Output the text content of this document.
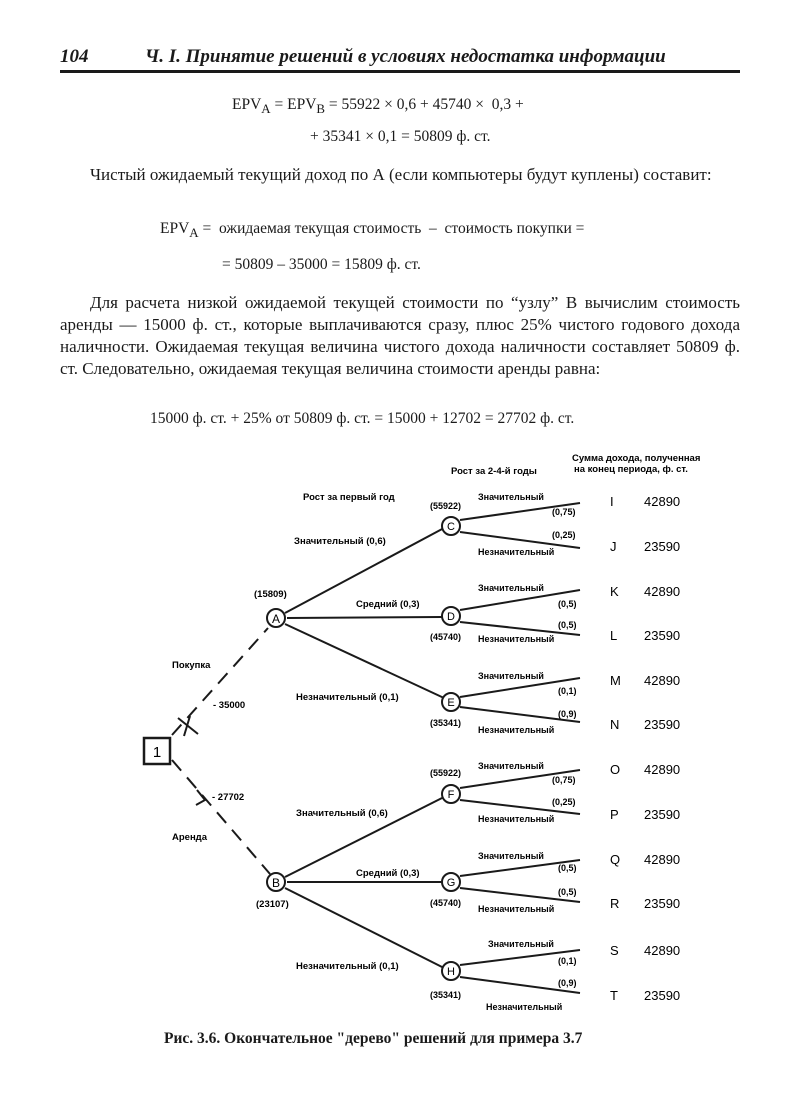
104	Ч. I. Принятие решений в условиях недостатка информации
$EPV_A = EPV_B = 55922 \times 0,6 + 45740 \times 0,3$ +
+ 35341 × 0,1 = 50809 ф. ст.
Чистый ожидаемый текущий доход по А (если компьютеры будут куплены) составит:
$EPV_A$ =  ожидаемая текущая стоимость  –  стоимость покупки =
= 50809 – 35000 = 15809 ф. ст.
Для расчета низкой ожидаемой текущей стоимости по “узлу” В вычислим стоимость аренды — 15000 ф. ст., которые выплачиваются сразу, плюс 25% чистого годового дохода наличности. Ожидаемая текущая величина чистого дохода наличности составляет 50809 ф. ст. Следовательно, ожидаемая текущая величина стоимости аренды равна:
15000 ф. ст. + 25% от 50809 ф. ст. = 15000 + 12702 = 27702 ф. ст.
1
A
B
C
D
E
F
G
H
Рост за 2-4-й годы
Сумма дохода, полученная
на конец периода, ф. ст.
Рост за первый год
Покупка
- 35000
Аренда
- 27702
(15809)
(23107)
Значительный (0,6)
Средний (0,3)
Незначительный (0,1)
Значительный (0,6)
Средний (0,3)
Незначительный (0,1)
(55922)
(45740)
(35341)
(55922)
(45740)
(35341)
Значительный
Незначительный
Значительный
Незначительный
Значительный
Незначительный
Значительный
Незначительный
Значительный
Незначительный
Значительный
Незначительный
(0,75)
(0,25)
(0,5)
(0,5)
(0,1)
(0,9)
(0,75)
(0,25)
(0,5)
(0,5)
(0,1)
(0,9)
I 42890
J 23590
K 42890
L 23590
M 42890
N 23590
O 42890
P 23590
Q 42890
R 23590
S 42890
T 23590
Рис. 3.6. Окончательное "дерево" решений для примера 3.7
